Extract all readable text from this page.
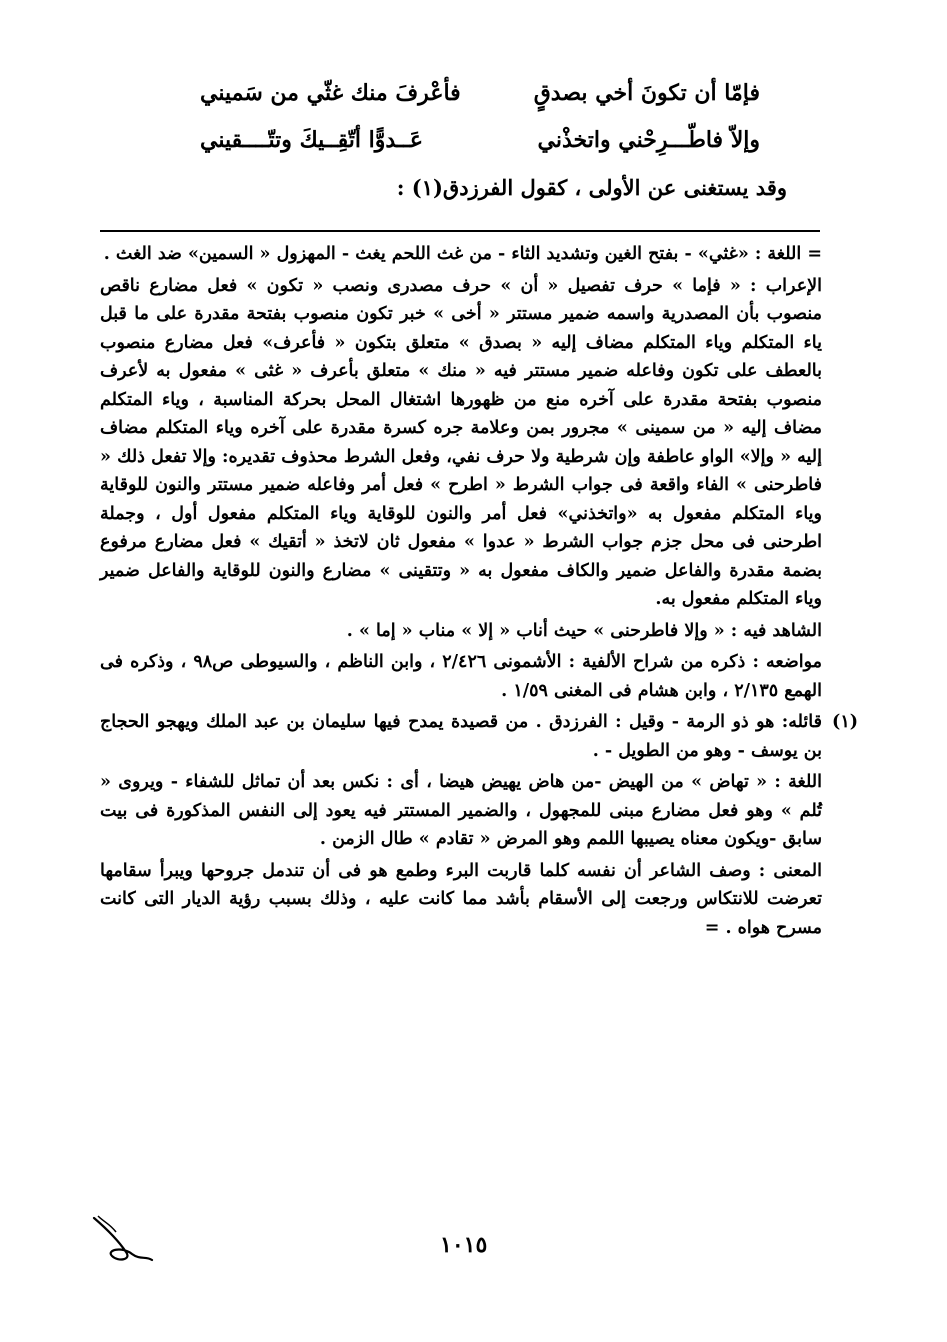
فإمّا أن تكونَ أخي بصدقٍ
فأعْرفَ منك غثّي من سَميني
وإلاّ فاطّـــرِحْني واتخذْني
عَــدوًّا أتّقِــيكَ وتتّــــقيني
وقد يستغنى عن الأولى ، كقول الفرزدق(١) :

= اللغة : «غثي» - بفتح الغين وتشديد الثاء - من غث اللحم يغث - المهزول « السمين» ضد الغث .

الإعراب : « فإما » حرف تفصيل « أن » حرف مصدرى ونصب « تكون » فعل مضارع ناقص منصوب بأن المصدرية واسمه ضمير مستتر « أخى » خبر تكون منصوب بفتحة مقدرة على ما قبل ياء المتكلم وياء المتكلم مضاف إليه « بصدق » متعلق بتكون « فأعرف» فعل مضارع منصوب بالعطف على تكون وفاعله ضمير مستتر فيه « منك » متعلق بأعرف « غثى » مفعول به لأعرف منصوب بفتحة مقدرة على آخره منع من ظهورها اشتغال المحل بحركة المناسبة ، وياء المتكلم مضاف إليه « من سمينى » مجرور بمن وعلامة جره كسرة مقدرة على آخره وياء المتكلم مضاف إليه « وإلا» الواو عاطفة وإن شرطية ولا حرف نفي، وفعل الشرط محذوف تقديره: وإلا تفعل ذلك « فاطرحنى » الفاء واقعة فى جواب الشرط « اطرح » فعل أمر وفاعله ضمير مستتر والنون للوقاية وياء المتكلم مفعول به «واتخذني» فعل أمر والنون للوقاية وياء المتكلم مفعول أول ، وجملة اطرحنى فى محل جزم جواب الشرط « عدوا » مفعول ثان لاتخذ « أتقيك » فعل مضارع مرفوع بضمة مقدرة والفاعل ضمير والكاف مفعول به « وتتقينى » مضارع والنون للوقاية والفاعل ضمير وياء المتكلم مفعول به.

الشاهد فيه : « وإلا فاطرحنى » حيث أناب « إلا » مناب « إما » .

مواضعه : ذكره من شراح الألفية : الأشمونى ٢/٤٢٦ ، وابن الناظم ، والسيوطى ص٩٨ ، وذكره فى الهمع ٢/١٣٥ ، وابن هشام فى المغنى ١/٥٩ .

(١)

قائله: هو ذو الرمة - وقيل : الفرزدق . من قصيدة يمدح فيها سليمان بن عبد الملك ويهجو الحجاج بن يوسف - وهو من الطويل - .

اللغة : « تهاض » من الهيض -من هاض يهيض هيضا ، أى : نكس بعد أن تماثل للشفاء - ويروى « تُلم » وهو فعل مضارع مبنى للمجهول ، والضمير المستتر فيه يعود إلى النفس المذكورة فى بيت سابق -ويكون معناه يصيبها اللمم وهو المرض « تقادم » طال الزمن .

المعنى : وصف الشاعر أن نفسه كلما قاربت البرء وطمع هو فى أن تندمل جروحها ويبرأ سقامها تعرضت للانتكاس ورجعت إلى الأسقام بأشد مما كانت عليه ، وذلك بسبب رؤية الديار التى كانت مسرح هواه . =

١٠١٥
